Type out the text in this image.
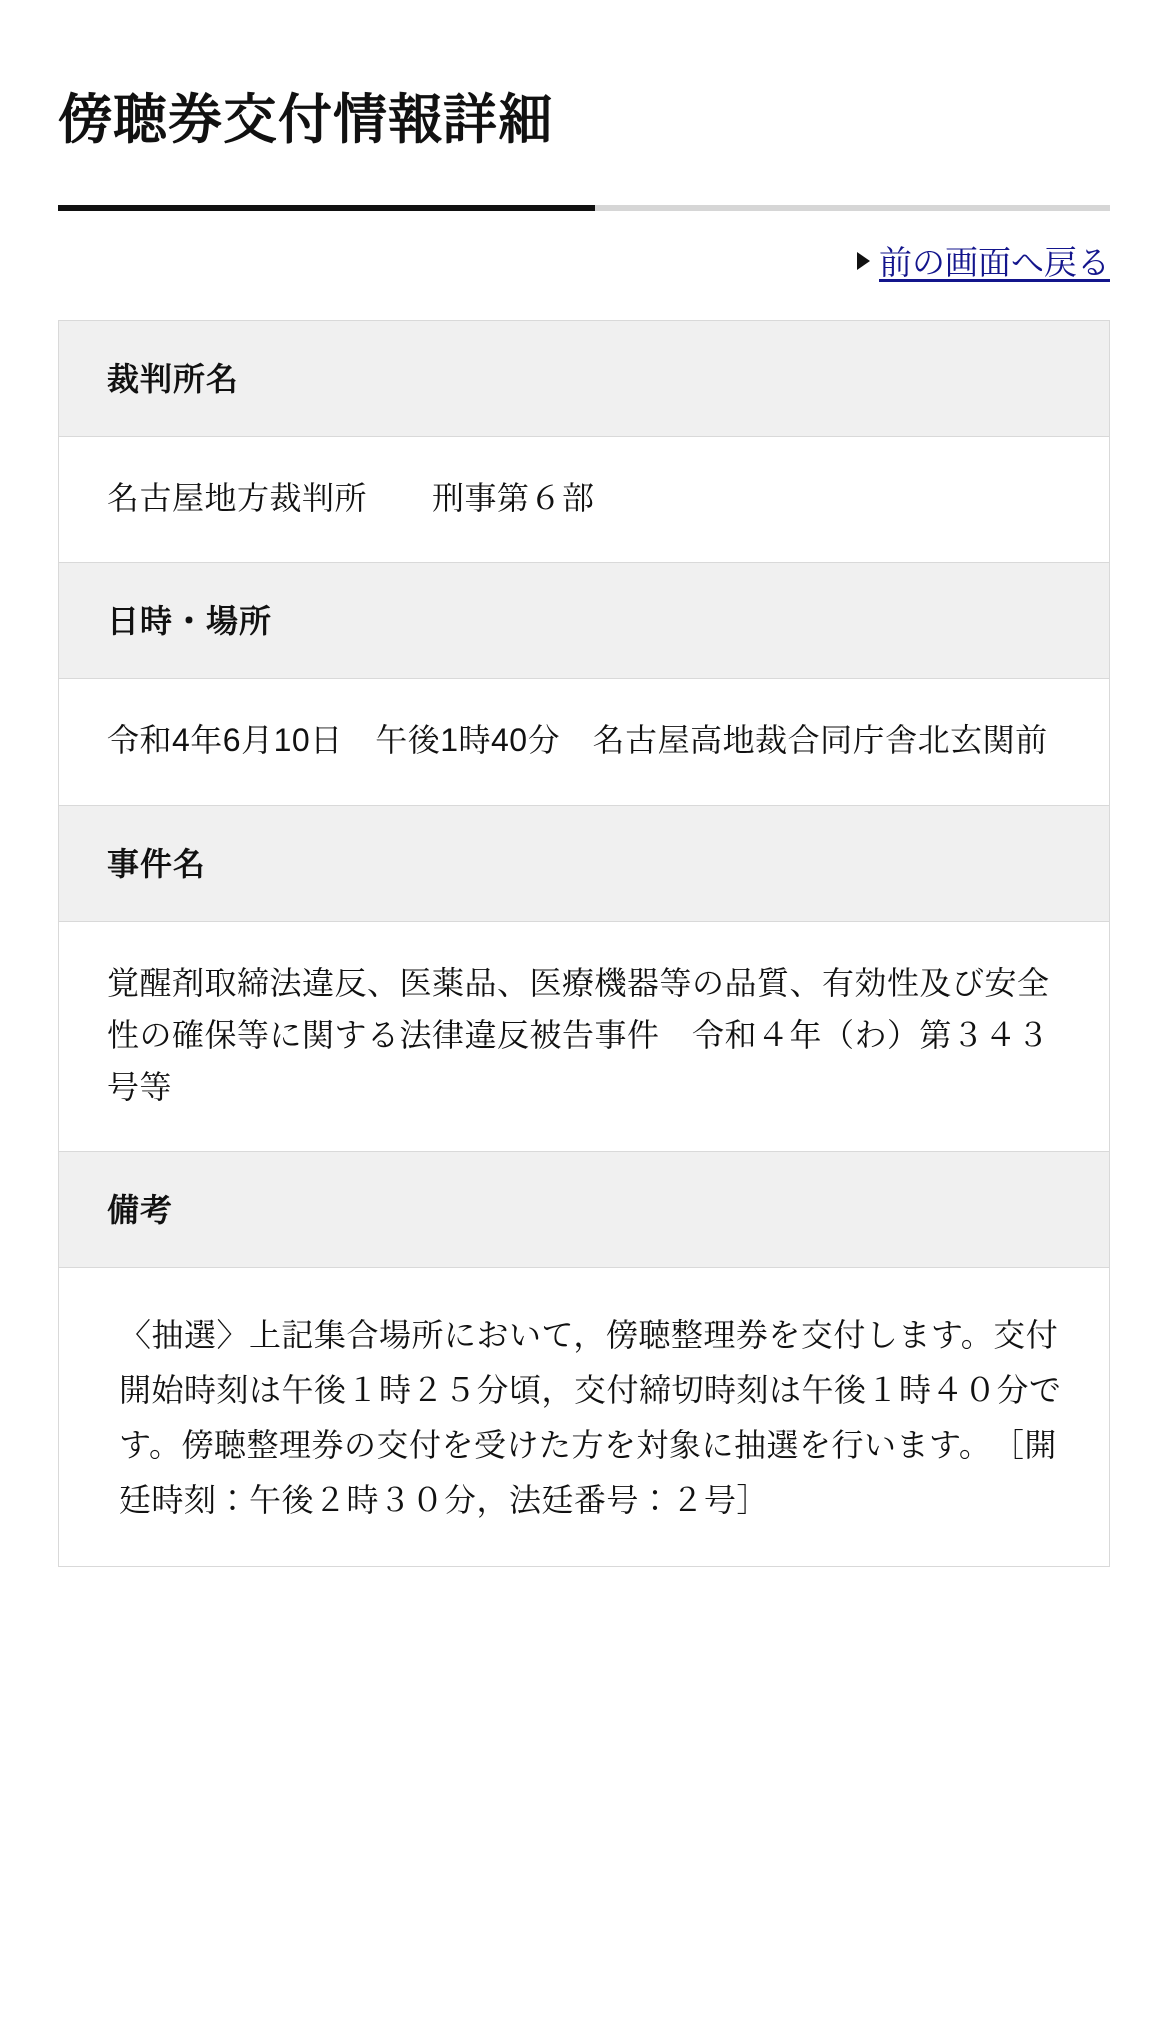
傍聴券交付情報詳細
前の画面へ戻る
裁判所名
名古屋地方裁判所　　刑事第６部
日時・場所
令和4年6月10日　午後1時40分　名古屋高地裁合同庁舎北玄関前
事件名
覚醒剤取締法違反、医薬品、医療機器等の品質、有効性及び安全性の確保等に関する法律違反被告事件　令和４年（わ）第３４３号等
備考
〈抽選〉上記集合場所において，傍聴整理券を交付します。交付開始時刻は午後１時２５分頃，交付締切時刻は午後１時４０分です。傍聴整理券の交付を受けた方を対象に抽選を行います。　［開廷時刻：午後２時３０分，法廷番号：２号］
